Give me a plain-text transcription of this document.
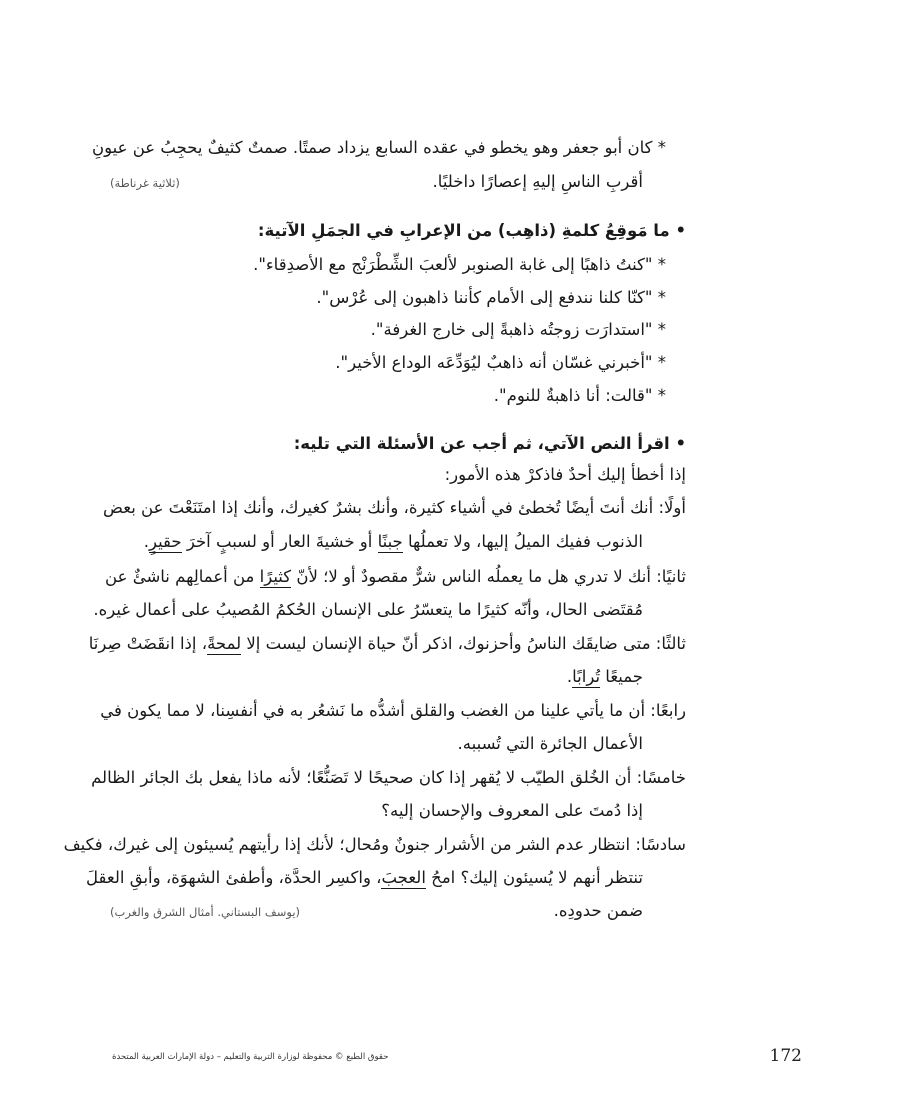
* كان أبو جعفر وهو يخطو في عقده السابع يزداد صمتًا. صمتٌ كثيفٌ يحجِبُ عن عيونِ
أقربِ الناسِ إليهِ إعصارًا داخليًا.
(ثلاثية غرناطة)
• ما مَوقِعُ كلمةِ (ذاهِب) من الإعرابِ في الجمَلِ الآتية:
* "كنتُ ذاهبًا إلى غابة الصنوبر لألعبَ الشِّطْرَنْج مع الأصدِقاء".
* "كنّا كلنا نندفع إلى الأمام كأننا ذاهبون إلى عُرْس".
* "استدارَت زوجتُه ذاهبةً إلى خارج الغرفة".
* "أخبرني غسّان أنه ذاهبٌ ليُوَدِّعَه الوداع الأخير".
* "قالت: أنا ذاهبةٌ للنوم".
• اقرأ النص الآتي، ثم أجب عن الأسئلة التي تليه:
إذا أخطأ إليك أحدٌ فاذكرْ هذه الأمور:
أولًا: أنك أنتَ أيضًا تُخطئ في أشياء كثيرة، وأنك بشرٌ كغيرك، وأنك إذا امتَنَعْتَ عن بعض
الذنوب ففيك الميلُ إليها، ولا تعملُها جبنًا أو خشيةَ العار أو لسببٍ آخرَ حقيرٍ.
ثانيًا: أنك لا تدري هل ما يعملُه الناس شرٌّ مقصودٌ أو لا؛ لأنّ كثيرًا من أعمالِهم ناشئٌ عن
مُقتَضى الحال، وأنّه كثيرًا ما يتعسّرُ على الإنسان الحُكمُ المُصيبُ على أعمال غيره.
ثالثًا: متى ضايقَك الناسُ وأحزنوك، اذكر أنّ حياة الإنسان ليست إلا لمحةً، إذا انقَضَتْ صِرنَا
جميعًا تُرابًا.
رابعًا: أن ما يأتي علينا من الغضب والقلق أشدُّه ما نَشعُر به في أنفسِنا، لا مما يكون في
الأعمال الجائرة التي تُسببه.
خامسًا: أن الخُلق الطيّب لا يُقهر إذا كان صحيحًا لا تَصَنُّعًا؛ لأنه ماذا يفعل بك الجائر الظالم
إذا دُمتَ على المعروف والإحسان إليه؟
سادسًا: انتظار عدم الشر من الأشرار جنونٌ ومُحال؛ لأنك إذا رأيتهم يُسيئون إلى غيرك، فكيف
تنتظر أنهم لا يُسيئون إليك؟ امحُ العجبَ، واكسِر الحدَّة، وأطفئ الشهوَة، وأبقِ العقلَ
ضمن حدودِه.
(يوسف البستاني. أمثال الشرق والغرب)
حقوق الطبع © محفوظة لوزارة التربية والتعليم – دولة الإمارات العربية المتحدة	172
